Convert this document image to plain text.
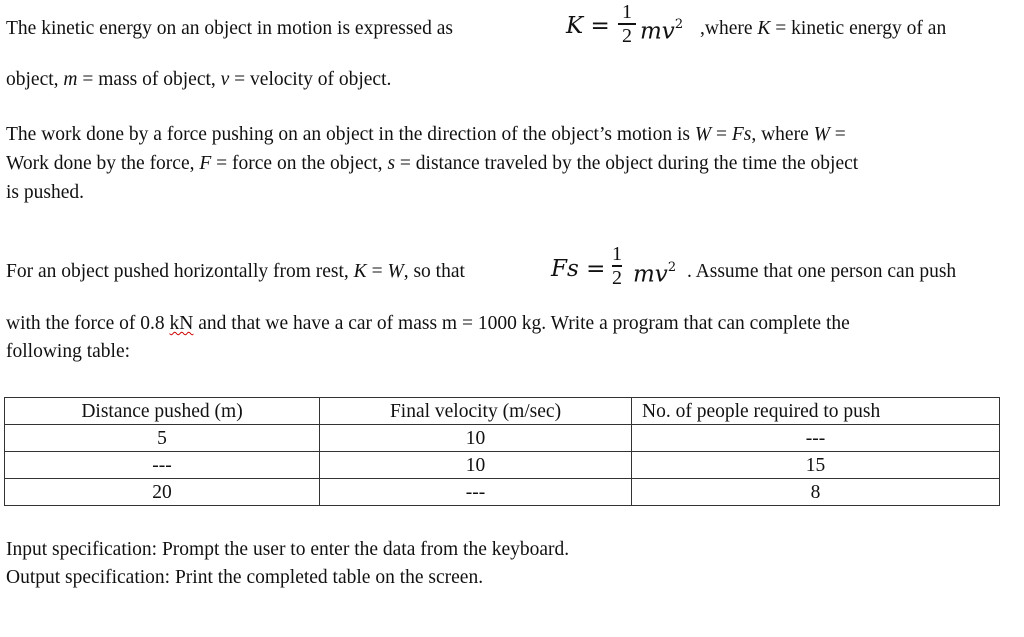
The kinetic energy on an object in motion is expressed as	K =
1
2 $mv^2$ ,where K = kinetic energy of an
object, m = mass of object, v = velocity of object.
The work done by a force pushing on an object in the direction of the object’s motion is W = Fs, where W =
Work done by the force, F = force on the object, s = distance traveled by the object during the time the object
is pushed.
For an object pushed horizontally from rest, K = W, so that	Fs =
1
2 $mv^2$ . Assume that one person can push
with the force of 0.8 kN and that we have a car of mass m = 1000 kg. Write a program that can complete the
following table:
Distance pushed (m)	Final velocity (m/sec)	No. of people required to push
5	10	---
---	10	15
20	---	8
Input specification: Prompt the user to enter the data from the keyboard.
Output specification: Print the completed table on the screen.
